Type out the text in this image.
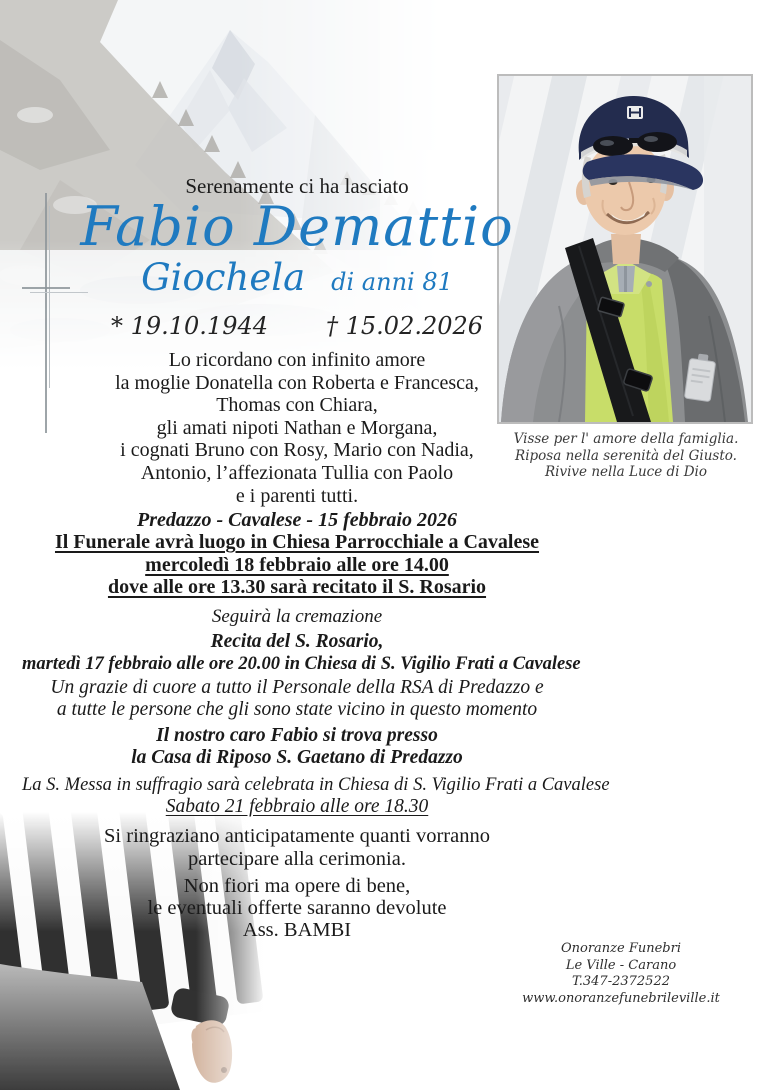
Visse per l' amore della famiglia.
Riposa nella serenità del Giusto.
Rivive nella Luce di Dio
Serenamente ci ha lasciato
Fabio Demattio
Giochela di anni 81
* 19.10.1944 † 15.02.2026
Lo ricordano con infinito amore
la moglie Donatella con Roberta e Francesca,
Thomas con Chiara,
gli amati nipoti Nathan e Morgana,
i cognati Bruno con Rosy, Mario con Nadia,
Antonio, l’affezionata Tullia con Paolo
e i parenti tutti.
Predazzo - Cavalese - 15 febbraio 2026
Il Funerale avrà luogo in Chiesa Parrocchiale a Cavalese
mercoledì 18 febbraio alle ore 14.00
dove alle ore 13.30 sarà recitato il S. Rosario
Seguirà la cremazione
Recita del S. Rosario,
martedì 17 febbraio alle ore 20.00 in Chiesa di S. Vigilio Frati a Cavalese
Un grazie di cuore a tutto il Personale della RSA di Predazzo e
a tutte le persone che gli sono state vicino in questo momento
Il nostro caro Fabio si trova presso
la Casa di Riposo S. Gaetano di Predazzo
La S. Messa in suffragio sarà celebrata in Chiesa di S. Vigilio Frati a Cavalese
Sabato 21 febbraio alle ore 18.30
Si ringraziano anticipatamente quanti vorranno
partecipare alla cerimonia.
Non fiori ma opere di bene,
le eventuali offerte saranno devolute
Ass. BAMBI
Onoranze Funebri
Le Ville - Carano
T.347-2372522
www.onoranzefunebrileville.it
